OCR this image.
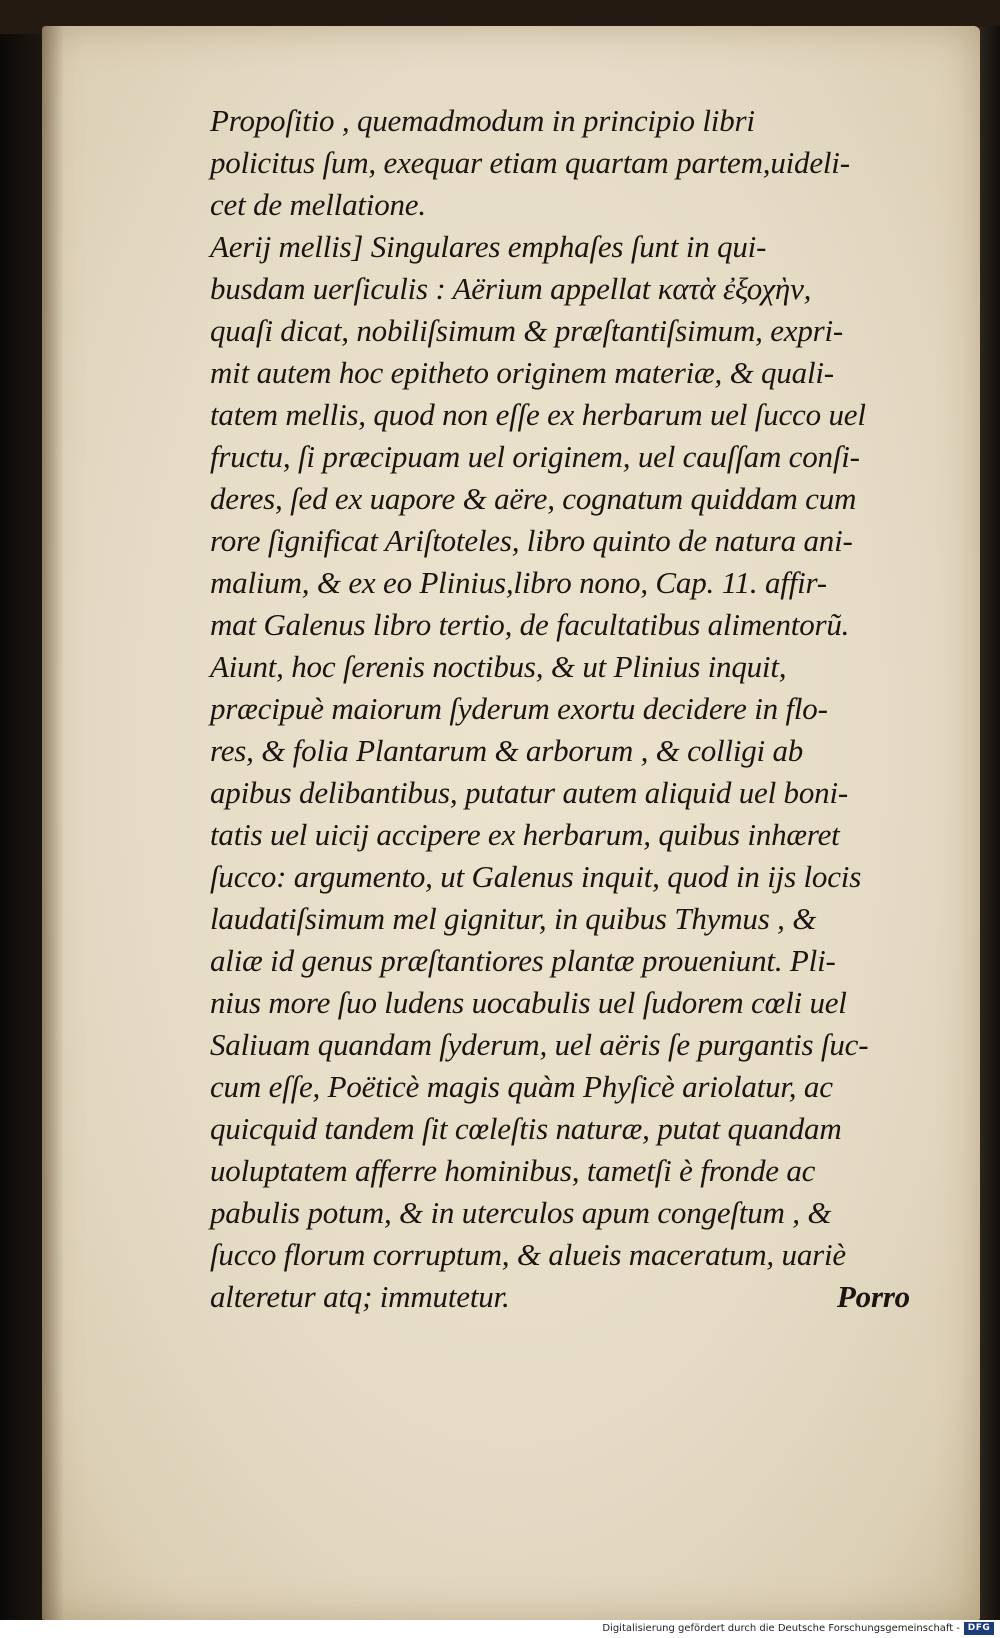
Propoſitio , quemadmodum in principio libri
policitus ſum, exequar etiam quartam partem,uideli-
cet de mellatione.
Aerij mellis] Singulares emphaſes ſunt in qui-
busdam uerſiculis : Aërium appellat κατὰ ἐξοχὴν,
quaſi dicat, nobiliſsimum & præſtantiſsimum, expri-
mit autem hoc epitheto originem materiæ, & quali-
tatem mellis, quod non eſſe ex herbarum uel ſucco uel
fructu, ſi præcipuam uel originem, uel cauſſam conſi-
deres, ſed ex uapore & aëre, cognatum quiddam cum
rore ſignificat Ariſtoteles, libro quinto de natura ani-
malium, & ex eo Plinius,libro nono, Cap. 11. affir-
mat Galenus libro tertio, de facultatibus alimentorũ.
Aiunt, hoc ſerenis noctibus, & ut Plinius inquit,
præcipuè maiorum ſyderum exortu decidere in flo-
res, & folia Plantarum & arborum , & colligi ab
apibus delibantibus, putatur autem aliquid uel boni-
tatis uel uicij accipere ex herbarum, quibus inhæret
ſucco: argumento, ut Galenus inquit, quod in ijs locis
laudatiſsimum mel gignitur, in quibus Thymus , &
aliæ id genus præſtantiores plantæ proueniunt. Pli-
nius more ſuo ludens uocabulis uel ſudorem cœli uel
Saliuam quandam ſyderum, uel aëris ſe purgantis ſuc-
cum eſſe, Poëticè magis quàm Phyſicè ariolatur, ac
quicquid tandem ſit cœleſtis naturæ, putat quandam
uoluptatem afferre hominibus, tametſi è fronde ac
pabulis potum, & in uterculos apum congeſtum , &
ſucco florum corruptum, & alueis maceratum, uariè
alteretur atq; immutetur.	Porro
Digitalisierung gefördert durch die Deutsche Forschungsgemeinschaft - DFG
